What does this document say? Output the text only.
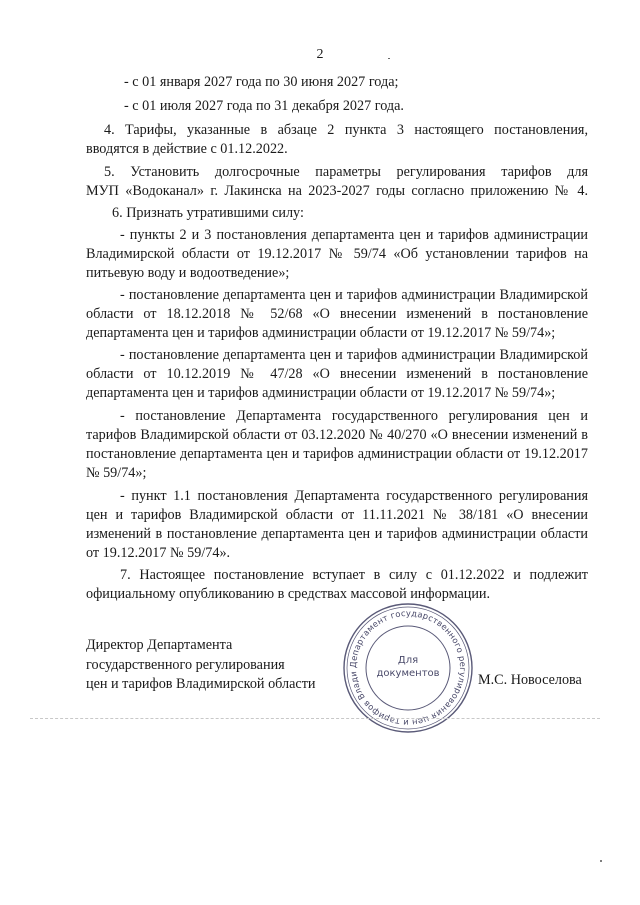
2
- с 01 января 2027 года по 30 июня 2027 года;
- с 01 июля 2027 года по 31 декабря 2027 года.
4. Тарифы, указанные в абзаце 2 пункта 3 настоящего постановления,
вводятся в действие с 01.12.2022.
5. Установить долгосрочные параметры регулирования тарифов для
МУП «Водоканал» г. Лакинска на 2023-2027 годы согласно приложению № 4.
6. Признать утратившими силу:
- пункты 2 и 3 постановления департамента цен и тарифов администрации
Владимирской области от 19.12.2017 № 59/74 «Об установлении тарифов на
питьевую воду и водоотведение»;
- постановление департамента цен и тарифов администрации Владимирской
области от 18.12.2018 № 52/68 «О внесении изменений в постановление
департамента цен и тарифов администрации области от 19.12.2017 № 59/74»;
- постановление департамента цен и тарифов администрации Владимирской
области от 10.12.2019 № 47/28 «О внесении изменений в постановление
департамента цен и тарифов администрации области от 19.12.2017 № 59/74»;
- постановление Департамента государственного регулирования цен и
тарифов Владимирской области от 03.12.2020 № 40/270 «О внесении изменений в
постановление департамента цен и тарифов администрации области от 19.12.2017
№ 59/74»;
- пункт 1.1 постановления Департамента государственного регулирования
цен и тарифов Владимирской области от 11.11.2021 № 38/181 «О внесении
изменений в постановление департамента цен и тарифов администрации области
от 19.12.2017 № 59/74».
7. Настоящее постановление вступает в силу с 01.12.2022 и подлежит
официальному опубликованию в средствах массовой информации.
Директор Департамента
государственного регулирования
цен и тарифов Владимирской области
Департамент государственного регулирования цен и тарифов Влади
Для
документов	М.С. Новоселова
